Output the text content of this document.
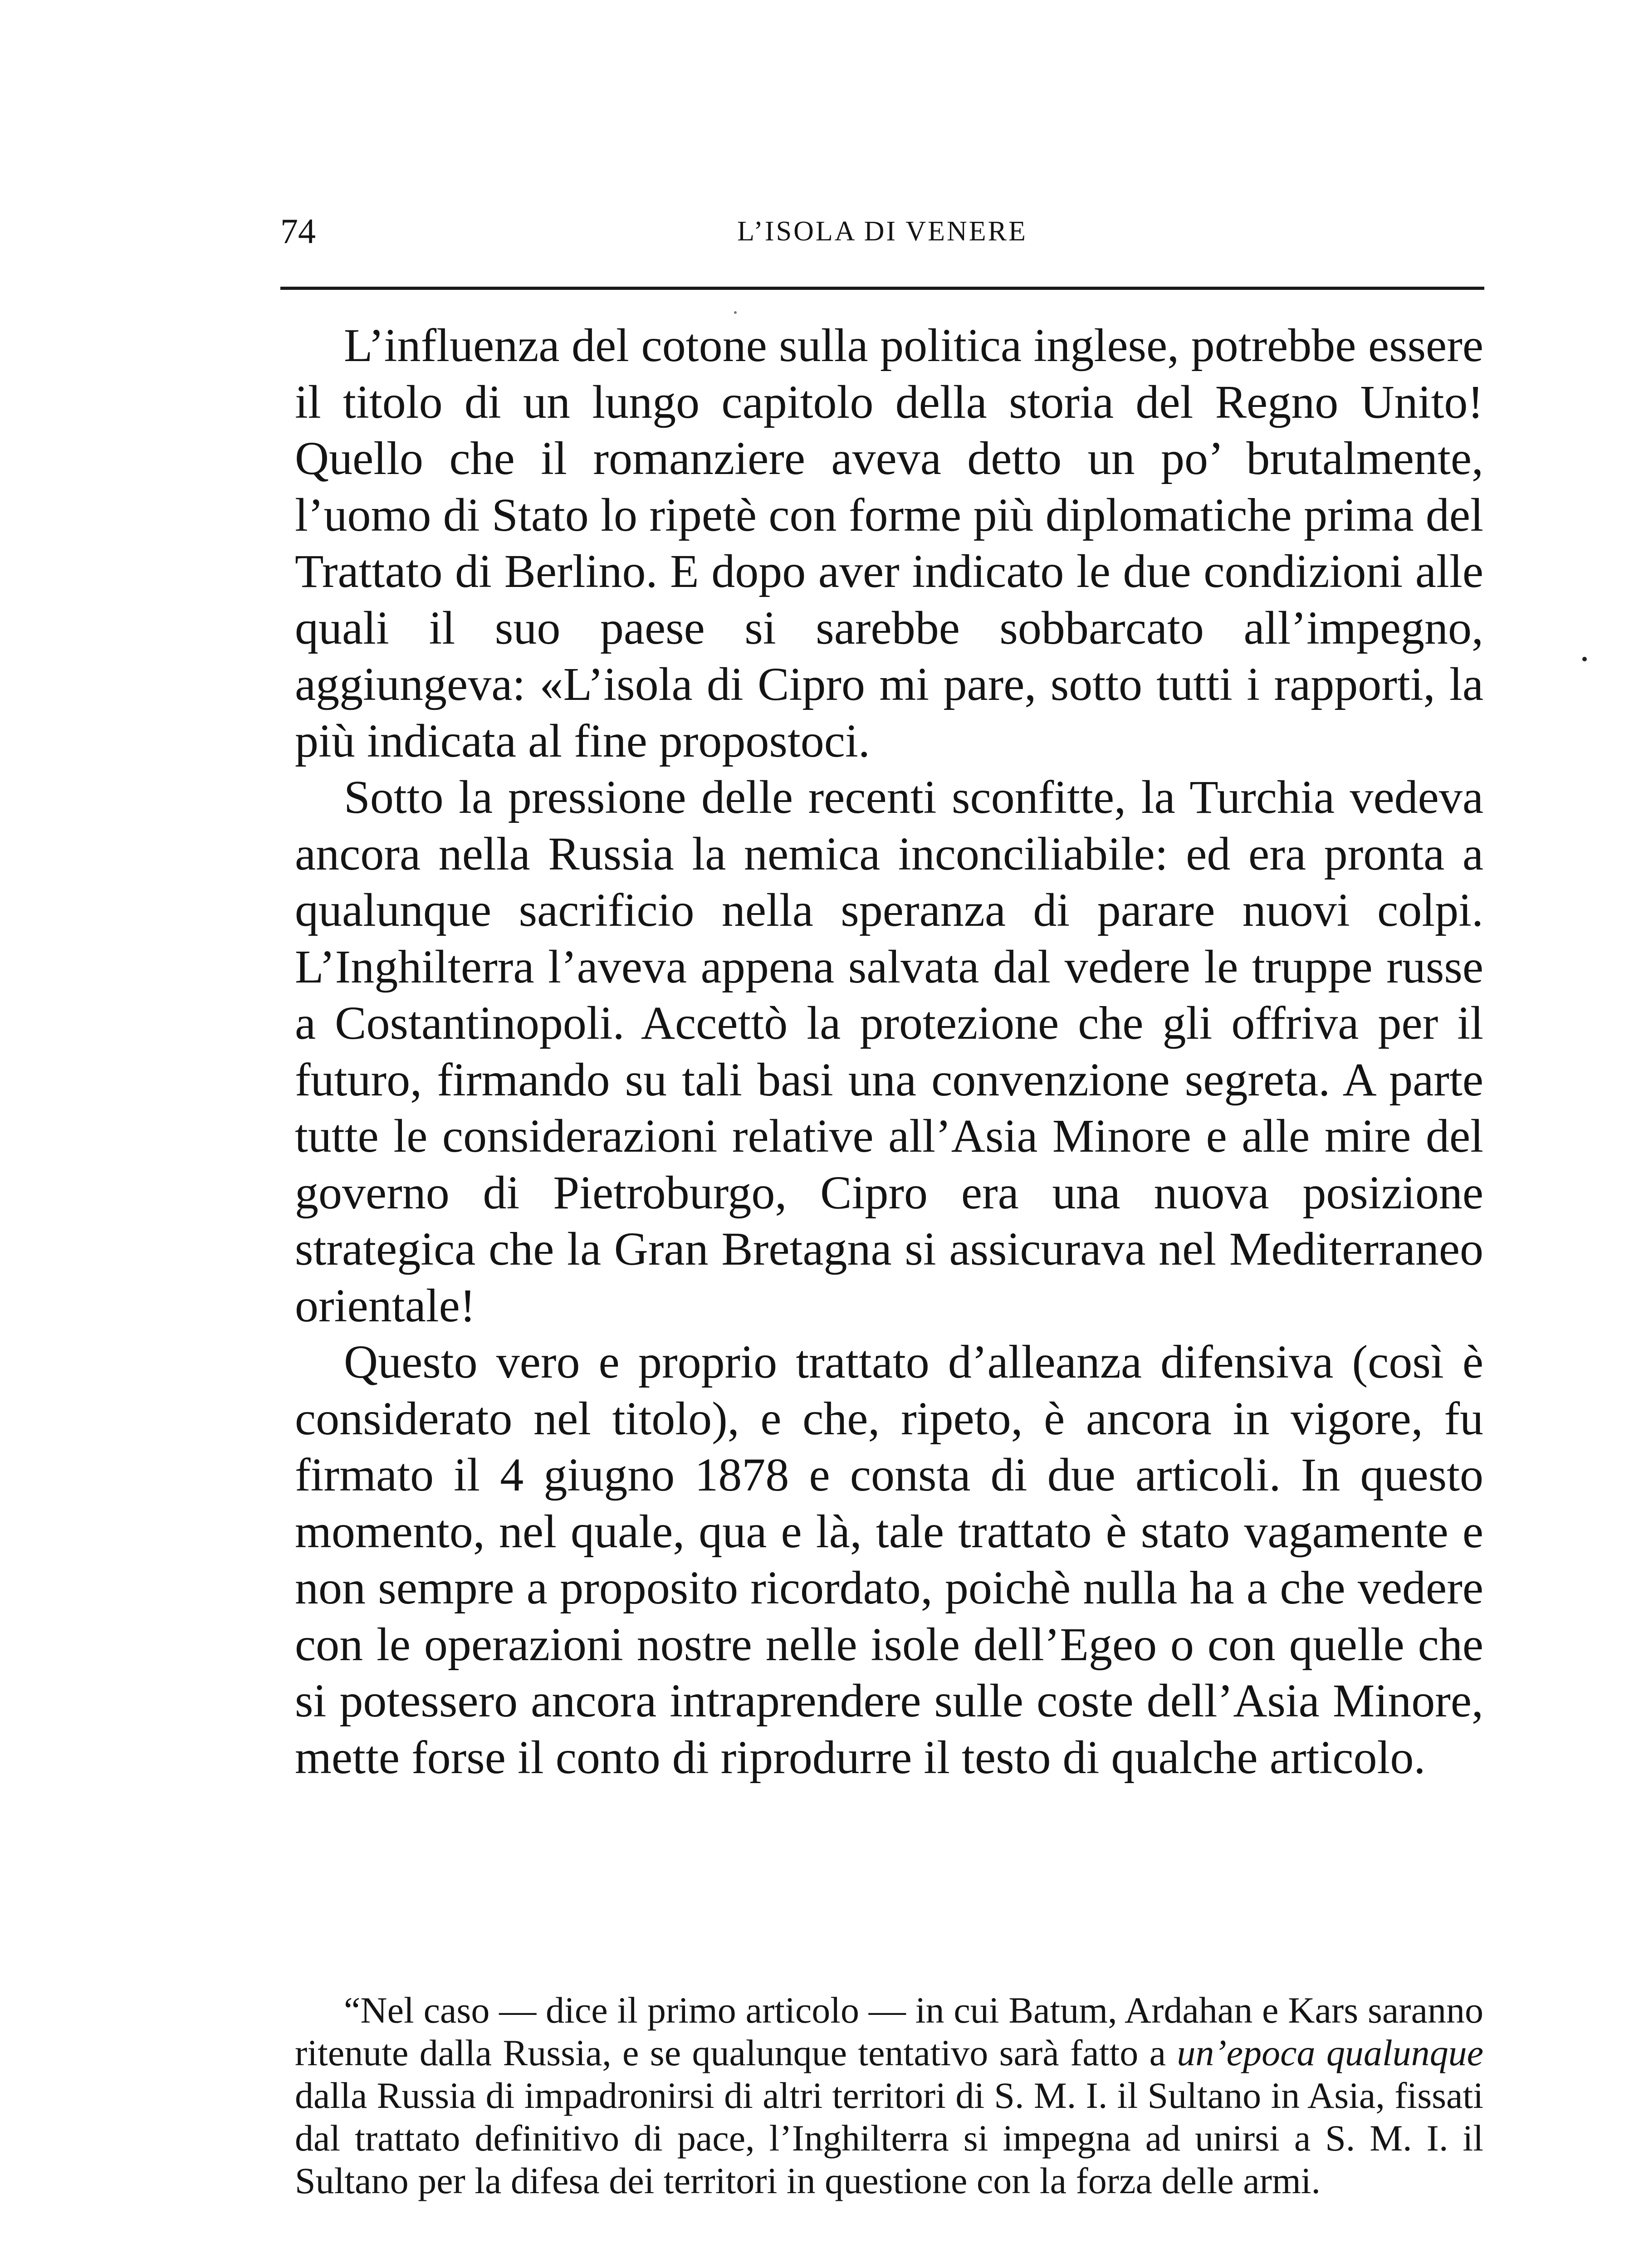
L’ISOLA DI VENERE
74

L’influenza del cotone sulla politica inglese, potrebbe essere il titolo di un lungo capitolo della storia del Regno Unito! Quello che il romanziere aveva detto un po’ brutalmente, l’uomo di Stato lo ripetè con forme più diplomatiche prima del Trattato di Berlino. E dopo aver indicato le due condizioni alle quali il suo paese si sarebbe sobbarcato all’impegno, aggiungeva: «L’isola di Cipro mi pare, sotto tutti i rapporti, la più indicata al fine propostoci.

Sotto la pressione delle recenti sconfitte, la Turchia vedeva ancora nella Russia la nemica inconciliabile: ed era pronta a qualunque sacrificio nella speranza di parare nuovi colpi. L’Inghilterra l’aveva appena salvata dal vedere le truppe russe a Costantinopoli. Accettò la protezione che gli offriva per il futuro, firmando su tali basi una convenzione segreta. A parte tutte le considerazioni relative all’Asia Minore e alle mire del governo di Pietroburgo, Cipro era una nuova posizione strategica che la Gran Bretagna si assicurava nel Mediterraneo orientale!

Questo vero e proprio trattato d’alleanza difensiva (così è considerato nel titolo), e che, ripeto, è ancora in vigore, fu firmato il 4 giugno 1878 e consta di due articoli. In questo momento, nel quale, qua e là, tale trattato è stato vagamente e non sempre a proposito ricordato, poichè nulla ha a che vedere con le operazioni nostre nelle isole dell’Egeo o con quelle che si potessero ancora intraprendere sulle coste dell’Asia Minore, mette forse il conto di riprodurre il testo di qualche articolo.

“Nel caso — dice il primo articolo — in cui Batum, Ardahan e Kars saranno ritenute dalla Russia, e se qualunque tentativo sarà fatto a un’epoca qualunque dalla Russia di impadronirsi di altri territori di S. M. I. il Sultano in Asia, fissati dal trattato definitivo di pace, l’Inghilterra si impegna ad unirsi a S. M. I. il Sultano per la difesa dei territori in questione con la forza delle armi.
